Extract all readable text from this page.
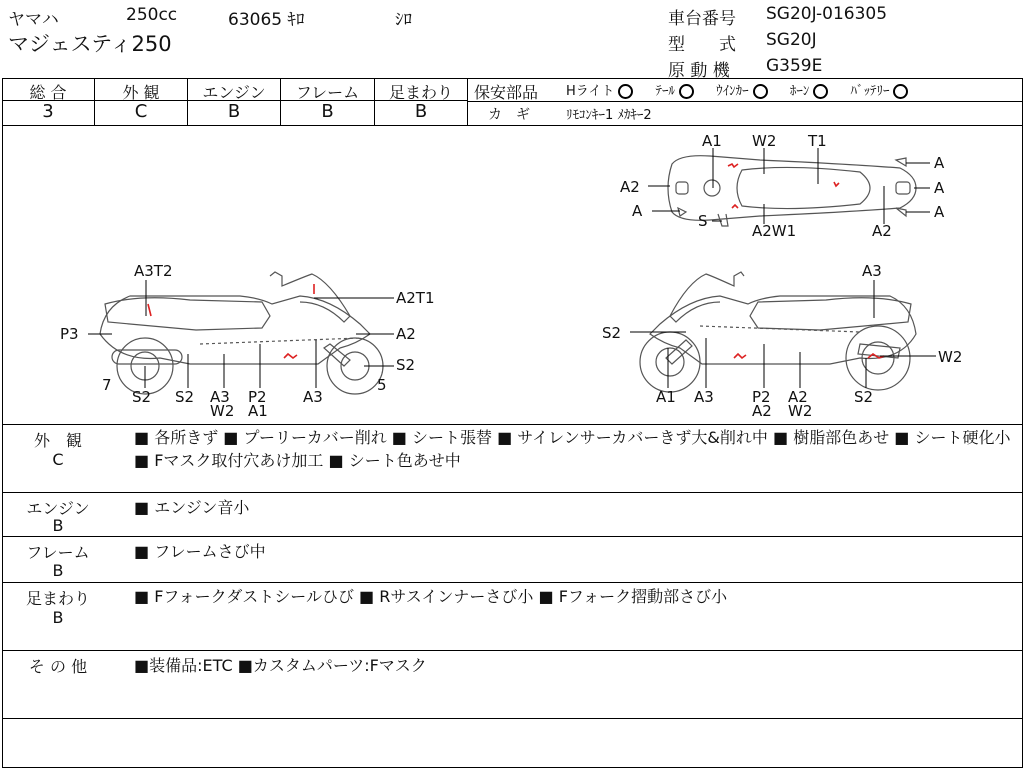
ヤマハ	250cc	63065 ｷﾛ	ｼﾛ
マジェスティ250
車台番号 SG20J-016305
型　　式 SG20J
原 動 機 G359E
総 合
3
外 観
C
エンジン
B
フレーム
B
足まわり
B
保安部品 Hライト	ﾃｰﾙ	ｳｲﾝｶｰ	ﾎｰﾝ	ﾊﾞｯﾃﾘｰ
カ　ギ	ﾘﾓｺﾝｷｰ1 ﾒｶｷｰ2
A1 W2 T1
A2
A
S
A2W1	A2
A
A
A
A3T2
A2T1
P3	A2
S2
7	5
S2 S2 A3
W2
P2
A1
A3
A3
S2
W2
A1 A3	P2
A2
A2
W2
S2
外　観
C
■ 各所きず ■ プーリーカバー削れ ■ シート張替 ■ サイレンサーカバーきず大&削れ中 ■ 樹脂部色あせ ■ シート硬化小 ■ Fマスク取付穴あけ加工 ■ シート色あせ中
エンジン
B
■ エンジン音小
フレーム
B
■ フレームさび中
足まわり
B
■ Fフォークダストシールひび ■ Rサスインナーさび小 ■ Fフォーク摺動部さび小
そ の 他	■装備品:ETC ■カスタムパーツ:Fマスク
